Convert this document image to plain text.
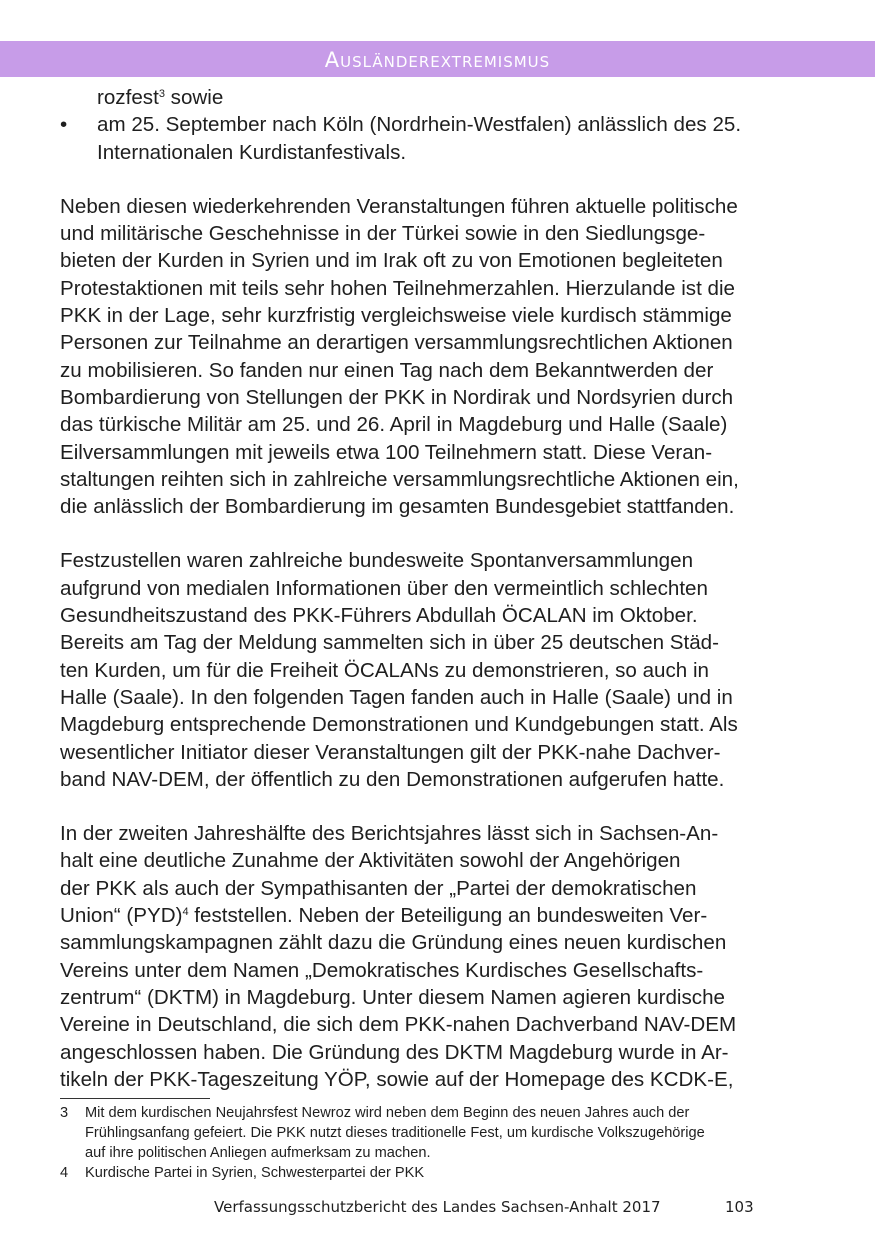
Ausländerextremismus
rozfest$^3$ sowie
• am 25. September nach Köln (Nordrhein-Westfalen) anlässlich des 25.
Internationalen Kurdistanfestivals.
Neben diesen wiederkehrenden Veranstaltungen führen aktuelle politische
und militärische Geschehnisse in der Türkei sowie in den Siedlungsge-
bieten der Kurden in Syrien und im Irak oft zu von Emotionen begleiteten
Protestaktionen mit teils sehr hohen Teilnehmerzahlen. Hierzulande ist die
PKK in der Lage, sehr kurzfristig vergleichsweise viele kurdisch stämmige
Personen zur Teilnahme an derartigen versammlungsrechtlichen Aktionen
zu mobilisieren. So fanden nur einen Tag nach dem Bekanntwerden der
Bombardierung von Stellungen der PKK in Nordirak und Nordsyrien durch
das türkische Militär am 25. und 26. April in Magdeburg und Halle (Saale)
Eilversammlungen mit jeweils etwa 100 Teilnehmern statt. Diese Veran-
staltungen reihten sich in zahlreiche versammlungsrechtliche Aktionen ein,
die anlässlich der Bombardierung im gesamten Bundesgebiet stattfanden.
Festzustellen waren zahlreiche bundesweite Spontanversammlungen
aufgrund von medialen Informationen über den vermeintlich schlechten
Gesundheitszustand des PKK-Führers Abdullah ÖCALAN im Oktober.
Bereits am Tag der Meldung sammelten sich in über 25 deutschen Städ-
ten Kurden, um für die Freiheit ÖCALANs zu demonstrieren, so auch in
Halle (Saale). In den folgenden Tagen fanden auch in Halle (Saale) und in
Magdeburg entsprechende Demonstrationen und Kundgebungen statt. Als
wesentlicher Initiator dieser Veranstaltungen gilt der PKK-nahe Dachver-
band NAV-DEM, der öffentlich zu den Demonstrationen aufgerufen hatte.
In der zweiten Jahreshälfte des Berichtsjahres lässt sich in Sachsen-An-
halt eine deutliche Zunahme der Aktivitäten sowohl der Angehörigen
der PKK als auch der Sympathisanten der „Partei der demokratischen
Union“ (PYD)$^4$ feststellen. Neben der Beteiligung an bundesweiten Ver-
sammlungskampagnen zählt dazu die Gründung eines neuen kurdischen
Vereins unter dem Namen „Demokratisches Kurdisches Gesellschafts-
zentrum“ (DKTM) in Magdeburg. Unter diesem Namen agieren kurdische
Vereine in Deutschland, die sich dem PKK-nahen Dachverband NAV-DEM
angeschlossen haben. Die Gründung des DKTM Magdeburg wurde in Ar-
tikeln der PKK-Tageszeitung YÖP, sowie auf der Homepage des KCDK-E,
3 Mit dem kurdischen Neujahrsfest Newroz wird neben dem Beginn des neuen Jahres auch der
Frühlingsanfang gefeiert. Die PKK nutzt dieses traditionelle Fest, um kurdische Volkszugehörige
auf ihre politischen Anliegen aufmerksam zu machen.
4 Kurdische Partei in Syrien, Schwesterpartei der PKK
Verfassungsschutzbericht des Landes Sachsen-Anhalt 2017	103
